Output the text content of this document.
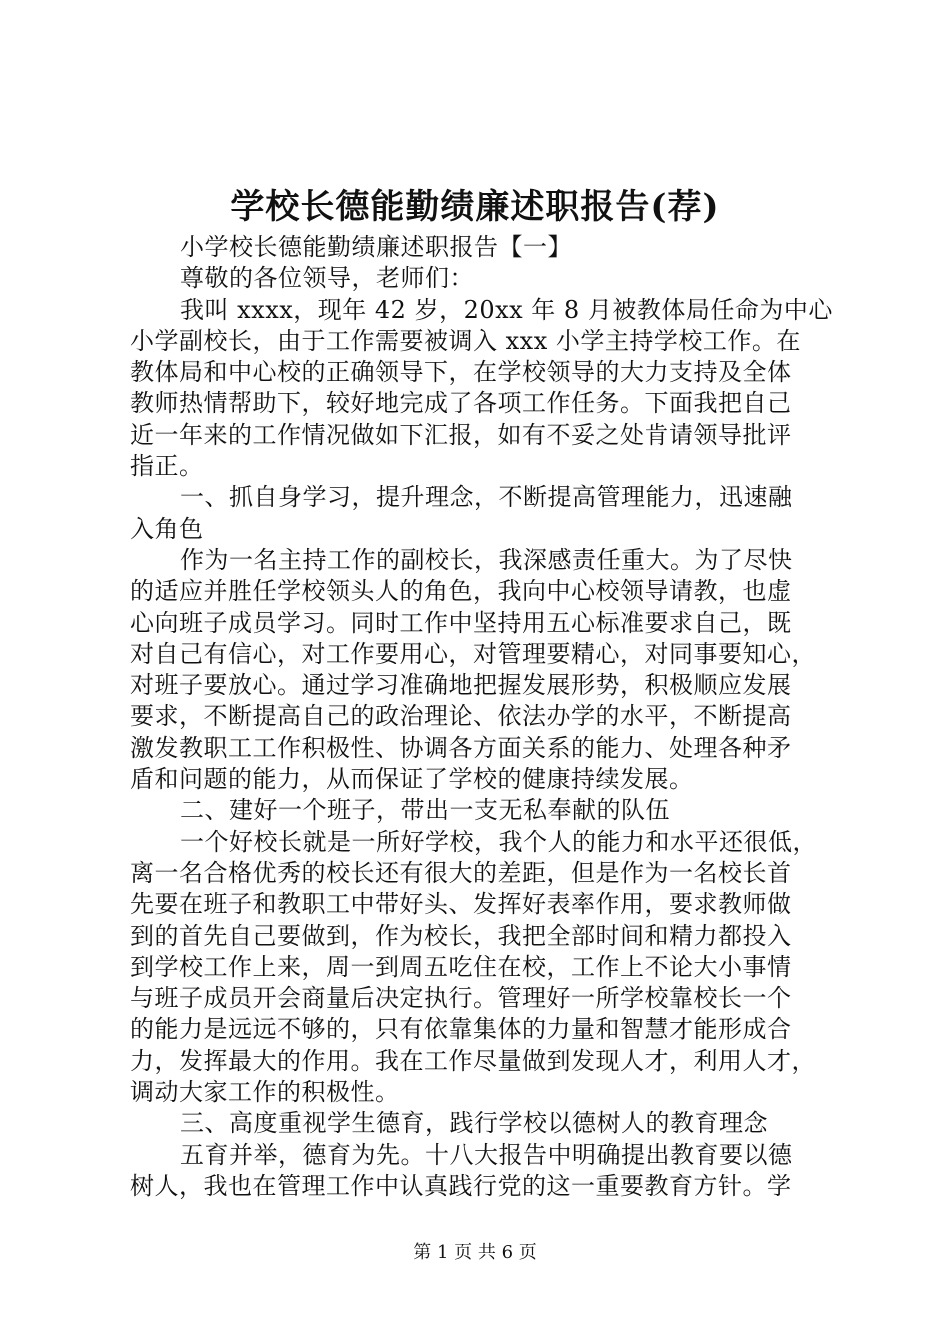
学校长德能勤绩廉述职报告(荐)
小学校长德能勤绩廉述职报告【一】
尊敬的各位领导，老师们：
我叫 xxxx，现年 42 岁，20xx 年 8 月被教体局任命为中心
小学副校长，由于工作需要被调入 xxx 小学主持学校工作。在
教体局和中心校的正确领导下，在学校领导的大力支持及全体
教师热情帮助下，较好地完成了各项工作任务。下面我把自己
近一年来的工作情况做如下汇报，如有不妥之处肯请领导批评
指正。
一、抓自身学习，提升理念，不断提高管理能力，迅速融
入角色
作为一名主持工作的副校长，我深感责任重大。为了尽快
的适应并胜任学校领头人的角色，我向中心校领导请教，也虚
心向班子成员学习。同时工作中坚持用五心标准要求自己，既
对自己有信心，对工作要用心，对管理要精心，对同事要知心，
对班子要放心。通过学习准确地把握发展形势，积极顺应发展
要求，不断提高自己的政治理论、依法办学的水平，不断提高
激发教职工工作积极性、协调各方面关系的能力、处理各种矛
盾和问题的能力，从而保证了学校的健康持续发展。
二、建好一个班子，带出一支无私奉献的队伍
一个好校长就是一所好学校，我个人的能力和水平还很低，
离一名合格优秀的校长还有很大的差距，但是作为一名校长首
先要在班子和教职工中带好头、发挥好表率作用，要求教师做
到的首先自己要做到，作为校长，我把全部时间和精力都投入
到学校工作上来，周一到周五吃住在校，工作上不论大小事情
与班子成员开会商量后决定执行。管理好一所学校靠校长一个
的能力是远远不够的，只有依靠集体的力量和智慧才能形成合
力，发挥最大的作用。我在工作尽量做到发现人才，利用人才，
调动大家工作的积极性。
三、高度重视学生德育，践行学校以德树人的教育理念
五育并举，德育为先。十八大报告中明确提出教育要以德
树人，我也在管理工作中认真践行党的这一重要教育方针。学
第 1 页 共 6 页
